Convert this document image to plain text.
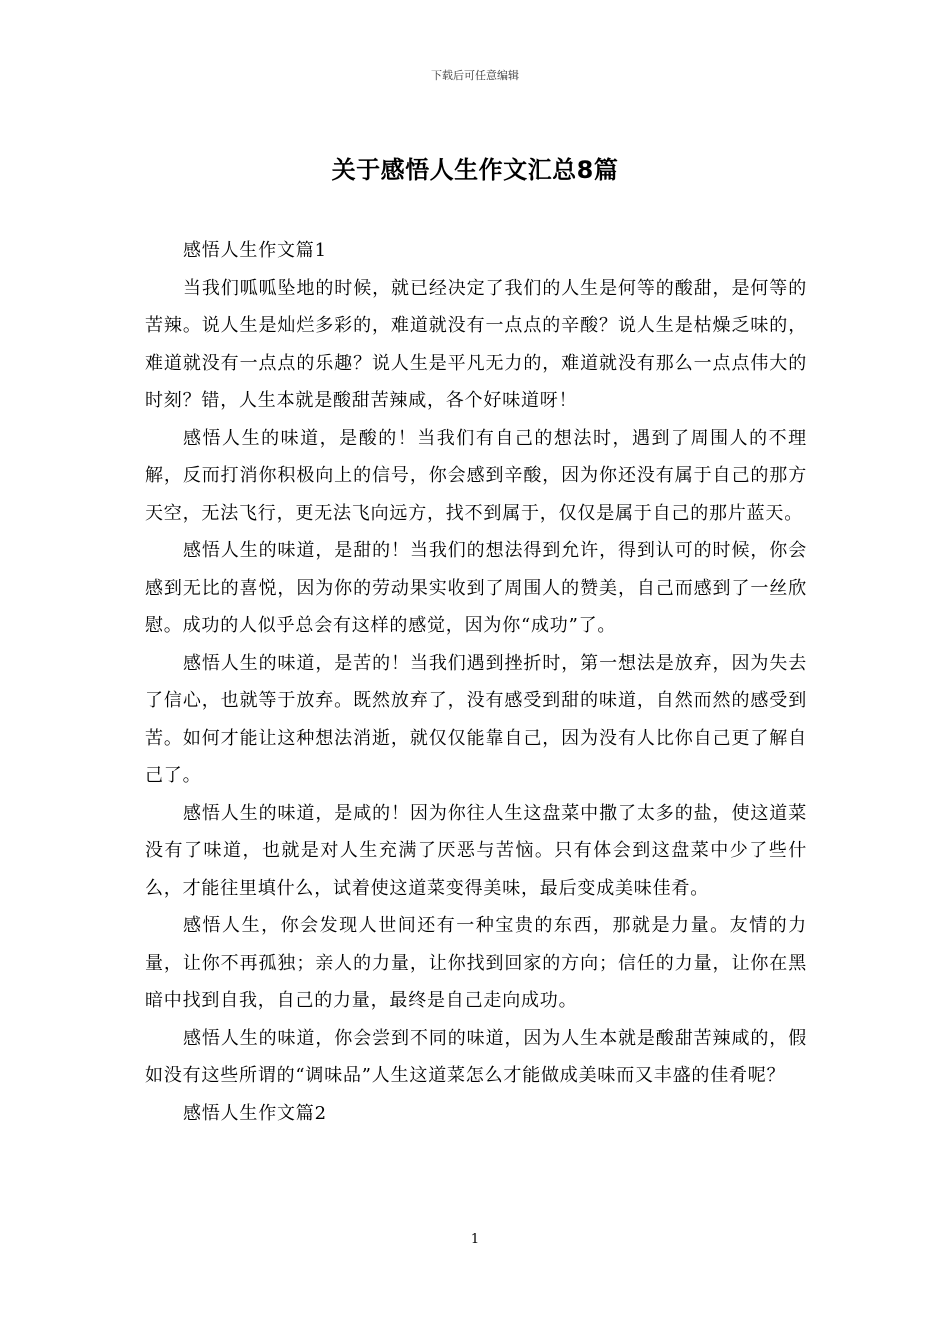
下载后可任意编辑
关于感悟人生作文汇总8篇

感悟人生作文篇1

当我们呱呱坠地的时候，就已经决定了我们的人生是何等的酸甜，是何等的苦辣。说人生是灿烂多彩的，难道就没有一点点的辛酸？说人生是枯燥乏味的，难道就没有一点点的乐趣？说人生是平凡无力的，难道就没有那么一点点伟大的时刻？错，人生本就是酸甜苦辣咸，各个好味道呀！

感悟人生的味道，是酸的！当我们有自己的想法时，遇到了周围人的不理解，反而打消你积极向上的信号，你会感到辛酸，因为你还没有属于自己的那方天空，无法飞行，更无法飞向远方，找不到属于，仅仅是属于自己的那片蓝天。

感悟人生的味道，是甜的！当我们的想法得到允许，得到认可的时候，你会感到无比的喜悦，因为你的劳动果实收到了周围人的赞美，自己而感到了一丝欣慰。成功的人似乎总会有这样的感觉，因为你“成功”了。

感悟人生的味道，是苦的！当我们遇到挫折时，第一想法是放弃，因为失去了信心，也就等于放弃。既然放弃了，没有感受到甜的味道，自然而然的感受到苦。如何才能让这种想法消逝，就仅仅能靠自己，因为没有人比你自己更了解自己了。

感悟人生的味道，是咸的！因为你往人生这盘菜中撒了太多的盐，使这道菜没有了味道，也就是对人生充满了厌恶与苦恼。只有体会到这盘菜中少了些什么，才能往里填什么，试着使这道菜变得美味，最后变成美味佳肴。

感悟人生，你会发现人世间还有一种宝贵的东西，那就是力量。友情的力量，让你不再孤独；亲人的力量，让你找到回家的方向；信任的力量，让你在黑暗中找到自我，自己的力量，最终是自己走向成功。

感悟人生的味道，你会尝到不同的味道，因为人生本就是酸甜苦辣咸的，假如没有这些所谓的“调味品”人生这道菜怎么才能做成美味而又丰盛的佳肴呢？

感悟人生作文篇2

1
